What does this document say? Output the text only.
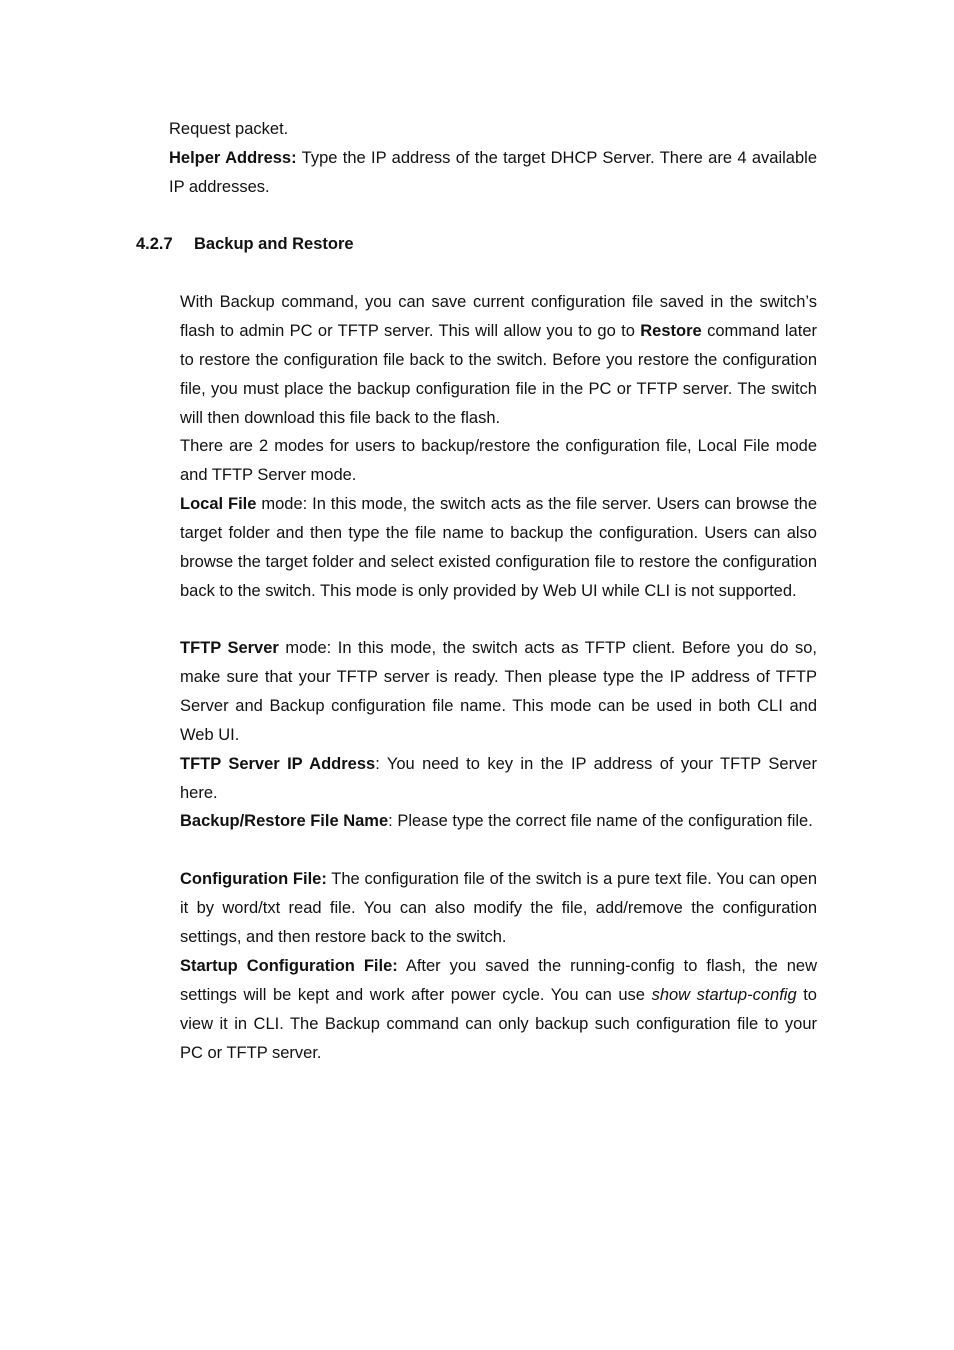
Request packet.

Helper Address: Type the IP address of the target DHCP Server. There are 4 available IP addresses.

4.2.7 Backup and Restore

With Backup command, you can save current configuration file saved in the switch’s flash to admin PC or TFTP server. This will allow you to go to Restore command later to restore the configuration file back to the switch. Before you restore the configuration file, you must place the backup configuration file in the PC or TFTP server. The switch will then download this file back to the flash.

There are 2 modes for users to backup/restore the configuration file, Local File mode and TFTP Server mode.

Local File mode: In this mode, the switch acts as the file server. Users can browse the target folder and then type the file name to backup the configuration. Users can also browse the target folder and select existed configuration file to restore the configuration back to the switch. This mode is only provided by Web UI while CLI is not supported.

TFTP Server mode: In this mode, the switch acts as TFTP client. Before you do so, make sure that your TFTP server is ready. Then please type the IP address of TFTP Server and Backup configuration file name. This mode can be used in both CLI and Web UI.

TFTP Server IP Address: You need to key in the IP address of your TFTP Server here.

Backup/Restore File Name: Please type the correct file name of the configuration file.

Configuration File: The configuration file of the switch is a pure text file. You can open it by word/txt read file. You can also modify the file, add/remove the configuration settings, and then restore back to the switch.

Startup Configuration File: After you saved the running-config to flash, the new settings will be kept and work after power cycle. You can use show startup-config to view it in CLI. The Backup command can only backup such configuration file to your PC or TFTP server.
